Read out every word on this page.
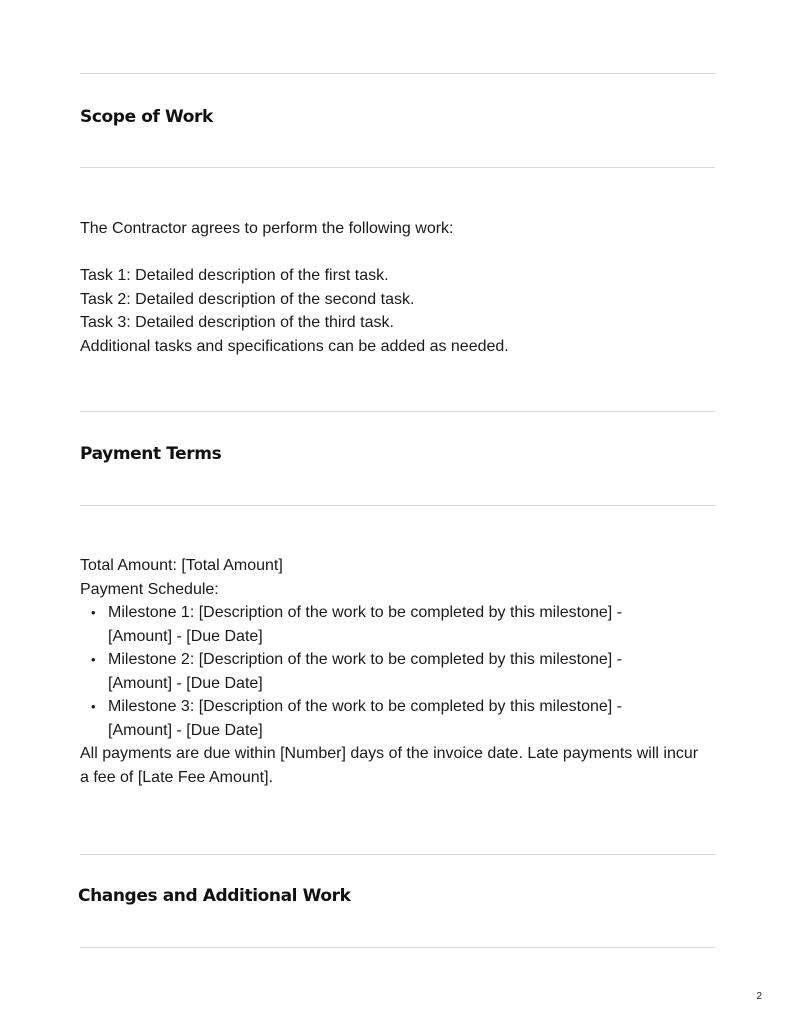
Scope of Work

The Contractor agrees to perform the following work:

Task 1: Detailed description of the first task.

Task 2: Detailed description of the second task.

Task 3: Detailed description of the third task.

Additional tasks and specifications can be added as needed.

Payment Terms

Total Amount: [Total Amount]

Payment Schedule:

• Milestone 1: [Description of the work to be completed by this milestone] - [Amount] - [Due Date]
• Milestone 2: [Description of the work to be completed by this milestone] - [Amount] - [Due Date]
• Milestone 3: [Description of the work to be completed by this milestone] - [Amount] - [Due Date]

All payments are due within [Number] days of the invoice date. Late payments will incur a fee of [Late Fee Amount].

Changes and Additional Work
2
